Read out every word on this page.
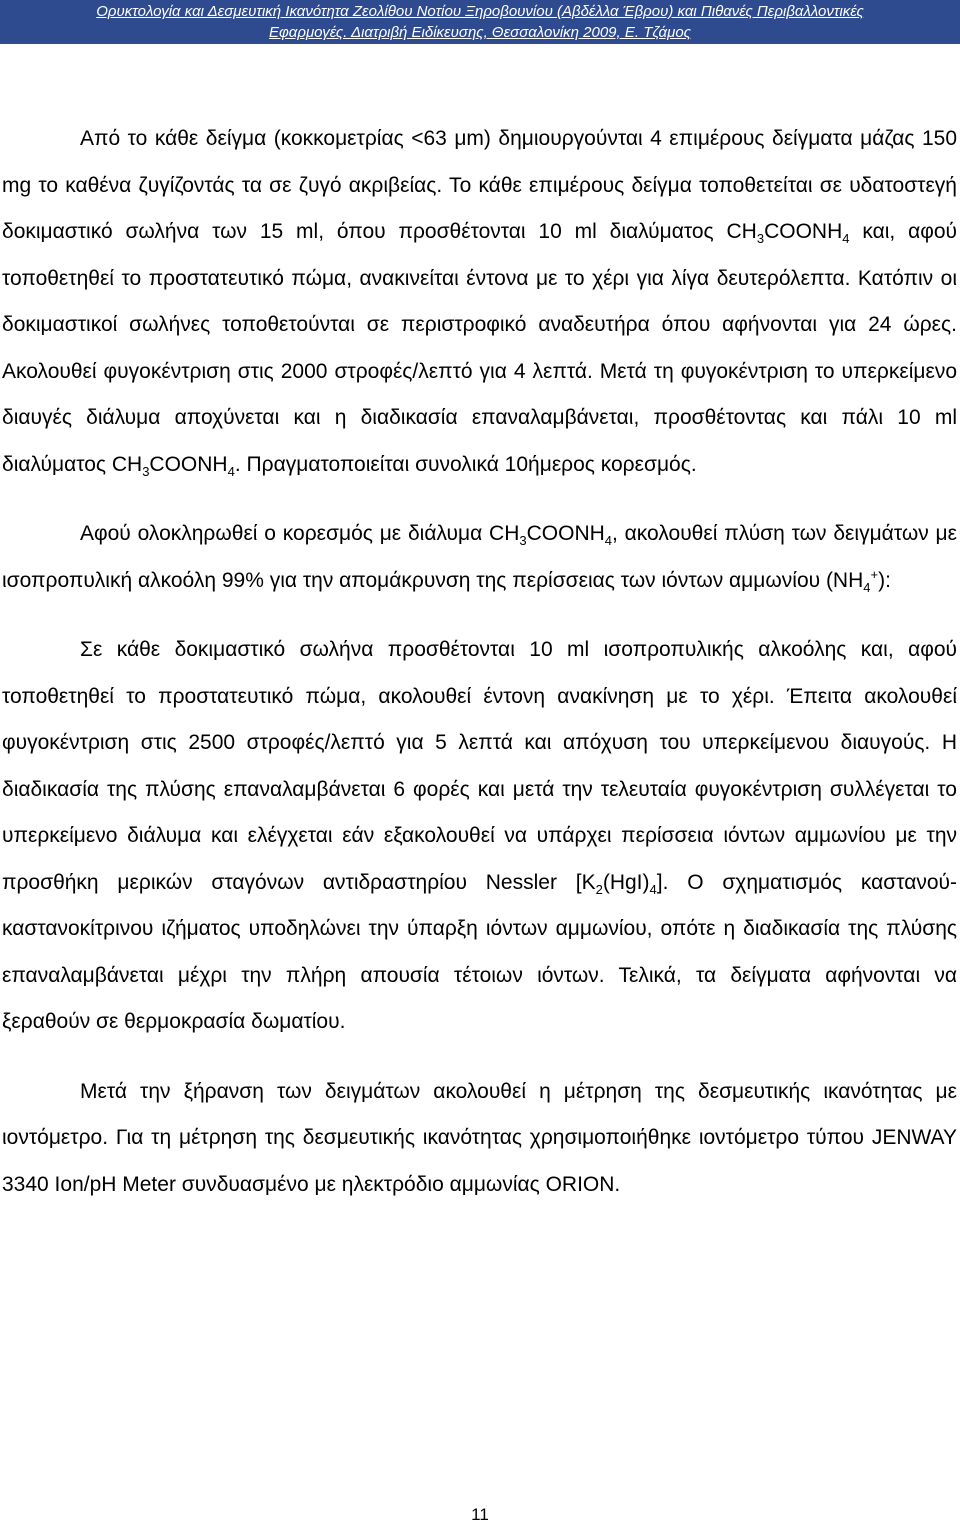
Ορυκτολογία και Δεσμευτική Ικανότητα Ζεολίθου Νοτίου Ξηροβουνίου (Αβδέλλα Έβρου) και Πιθανές Περιβαλλοντικές
Εφαρμογές. Διατριβή Ειδίκευσης, Θεσσαλονίκη 2009, Ε. Τζάμος

Από το κάθε δείγμα (κοκκομετρίας <63 μm) δημιουργούνται 4 επιμέρους δείγματα μάζας 150 mg το καθένα ζυγίζοντάς τα σε ζυγό ακριβείας. Το κάθε επιμέρους δείγμα τοποθετείται σε υδατοστεγή δοκιμαστικό σωλήνα των 15 ml, όπου προσθέτονται 10 ml διαλύματος $CH_3COONH_4$ και, αφού τοποθετηθεί το προστατευτικό πώμα, ανακινείται έντονα με το χέρι για λίγα δευτερόλεπτα. Κατόπιν οι δοκιμαστικοί σωλήνες τοποθετούνται σε περιστροφικό αναδευτήρα όπου αφήνονται για 24 ώρες. Ακολουθεί φυγοκέντριση στις 2000 στροφές/λεπτό για 4 λεπτά. Μετά τη φυγοκέντριση το υπερκείμενο διαυγές διάλυμα αποχύνεται και η διαδικασία επαναλαμβάνεται, προσθέτοντας και πάλι 10 ml διαλύματος $CH_3COONH_4$. Πραγματοποιείται συνολικά 10ήμερος κορεσμός.

Αφού ολοκληρωθεί ο κορεσμός με διάλυμα $CH_3COONH_4$, ακολουθεί πλύση των δειγμάτων με ισοπροπυλική αλκοόλη 99% για την απομάκρυνση της περίσσειας των ιόντων αμμωνίου $(NH_4^+)$:

Σε κάθε δοκιμαστικό σωλήνα προσθέτονται 10 ml ισοπροπυλικής αλκοόλης και, αφού τοποθετηθεί το προστατευτικό πώμα, ακολουθεί έντονη ανακίνηση με το χέρι. Έπειτα ακολουθεί φυγοκέντριση στις 2500 στροφές/λεπτό για 5 λεπτά και απόχυση του υπερκείμενου διαυγούς. Η διαδικασία της πλύσης επαναλαμβάνεται 6 φορές και μετά την τελευταία φυγοκέντριση συλλέγεται το υπερκείμενο διάλυμα και ελέγχεται εάν εξακολουθεί να υπάρχει περίσσεια ιόντων αμμωνίου με την προσθήκη μερικών σταγόνων αντιδραστηρίου Nessler $[K_2(HgI)_4]$. Ο σχηματισμός καστανού-καστανοκίτρινου ιζήματος υποδηλώνει την ύπαρξη ιόντων αμμωνίου, οπότε η διαδικασία της πλύσης επαναλαμβάνεται μέχρι την πλήρη απουσία τέτοιων ιόντων. Τελικά, τα δείγματα αφήνονται να ξεραθούν σε θερμοκρασία δωματίου.

Μετά την ξήρανση των δειγμάτων ακολουθεί η μέτρηση της δεσμευτικής ικανότητας με ιοντόμετρο. Για τη μέτρηση της δεσμευτικής ικανότητας χρησιμοποιήθηκε ιοντόμετρο τύπου JENWAY 3340 Ion/pH Meter συνδυασμένο με ηλεκτρόδιο αμμωνίας ORION.

11
